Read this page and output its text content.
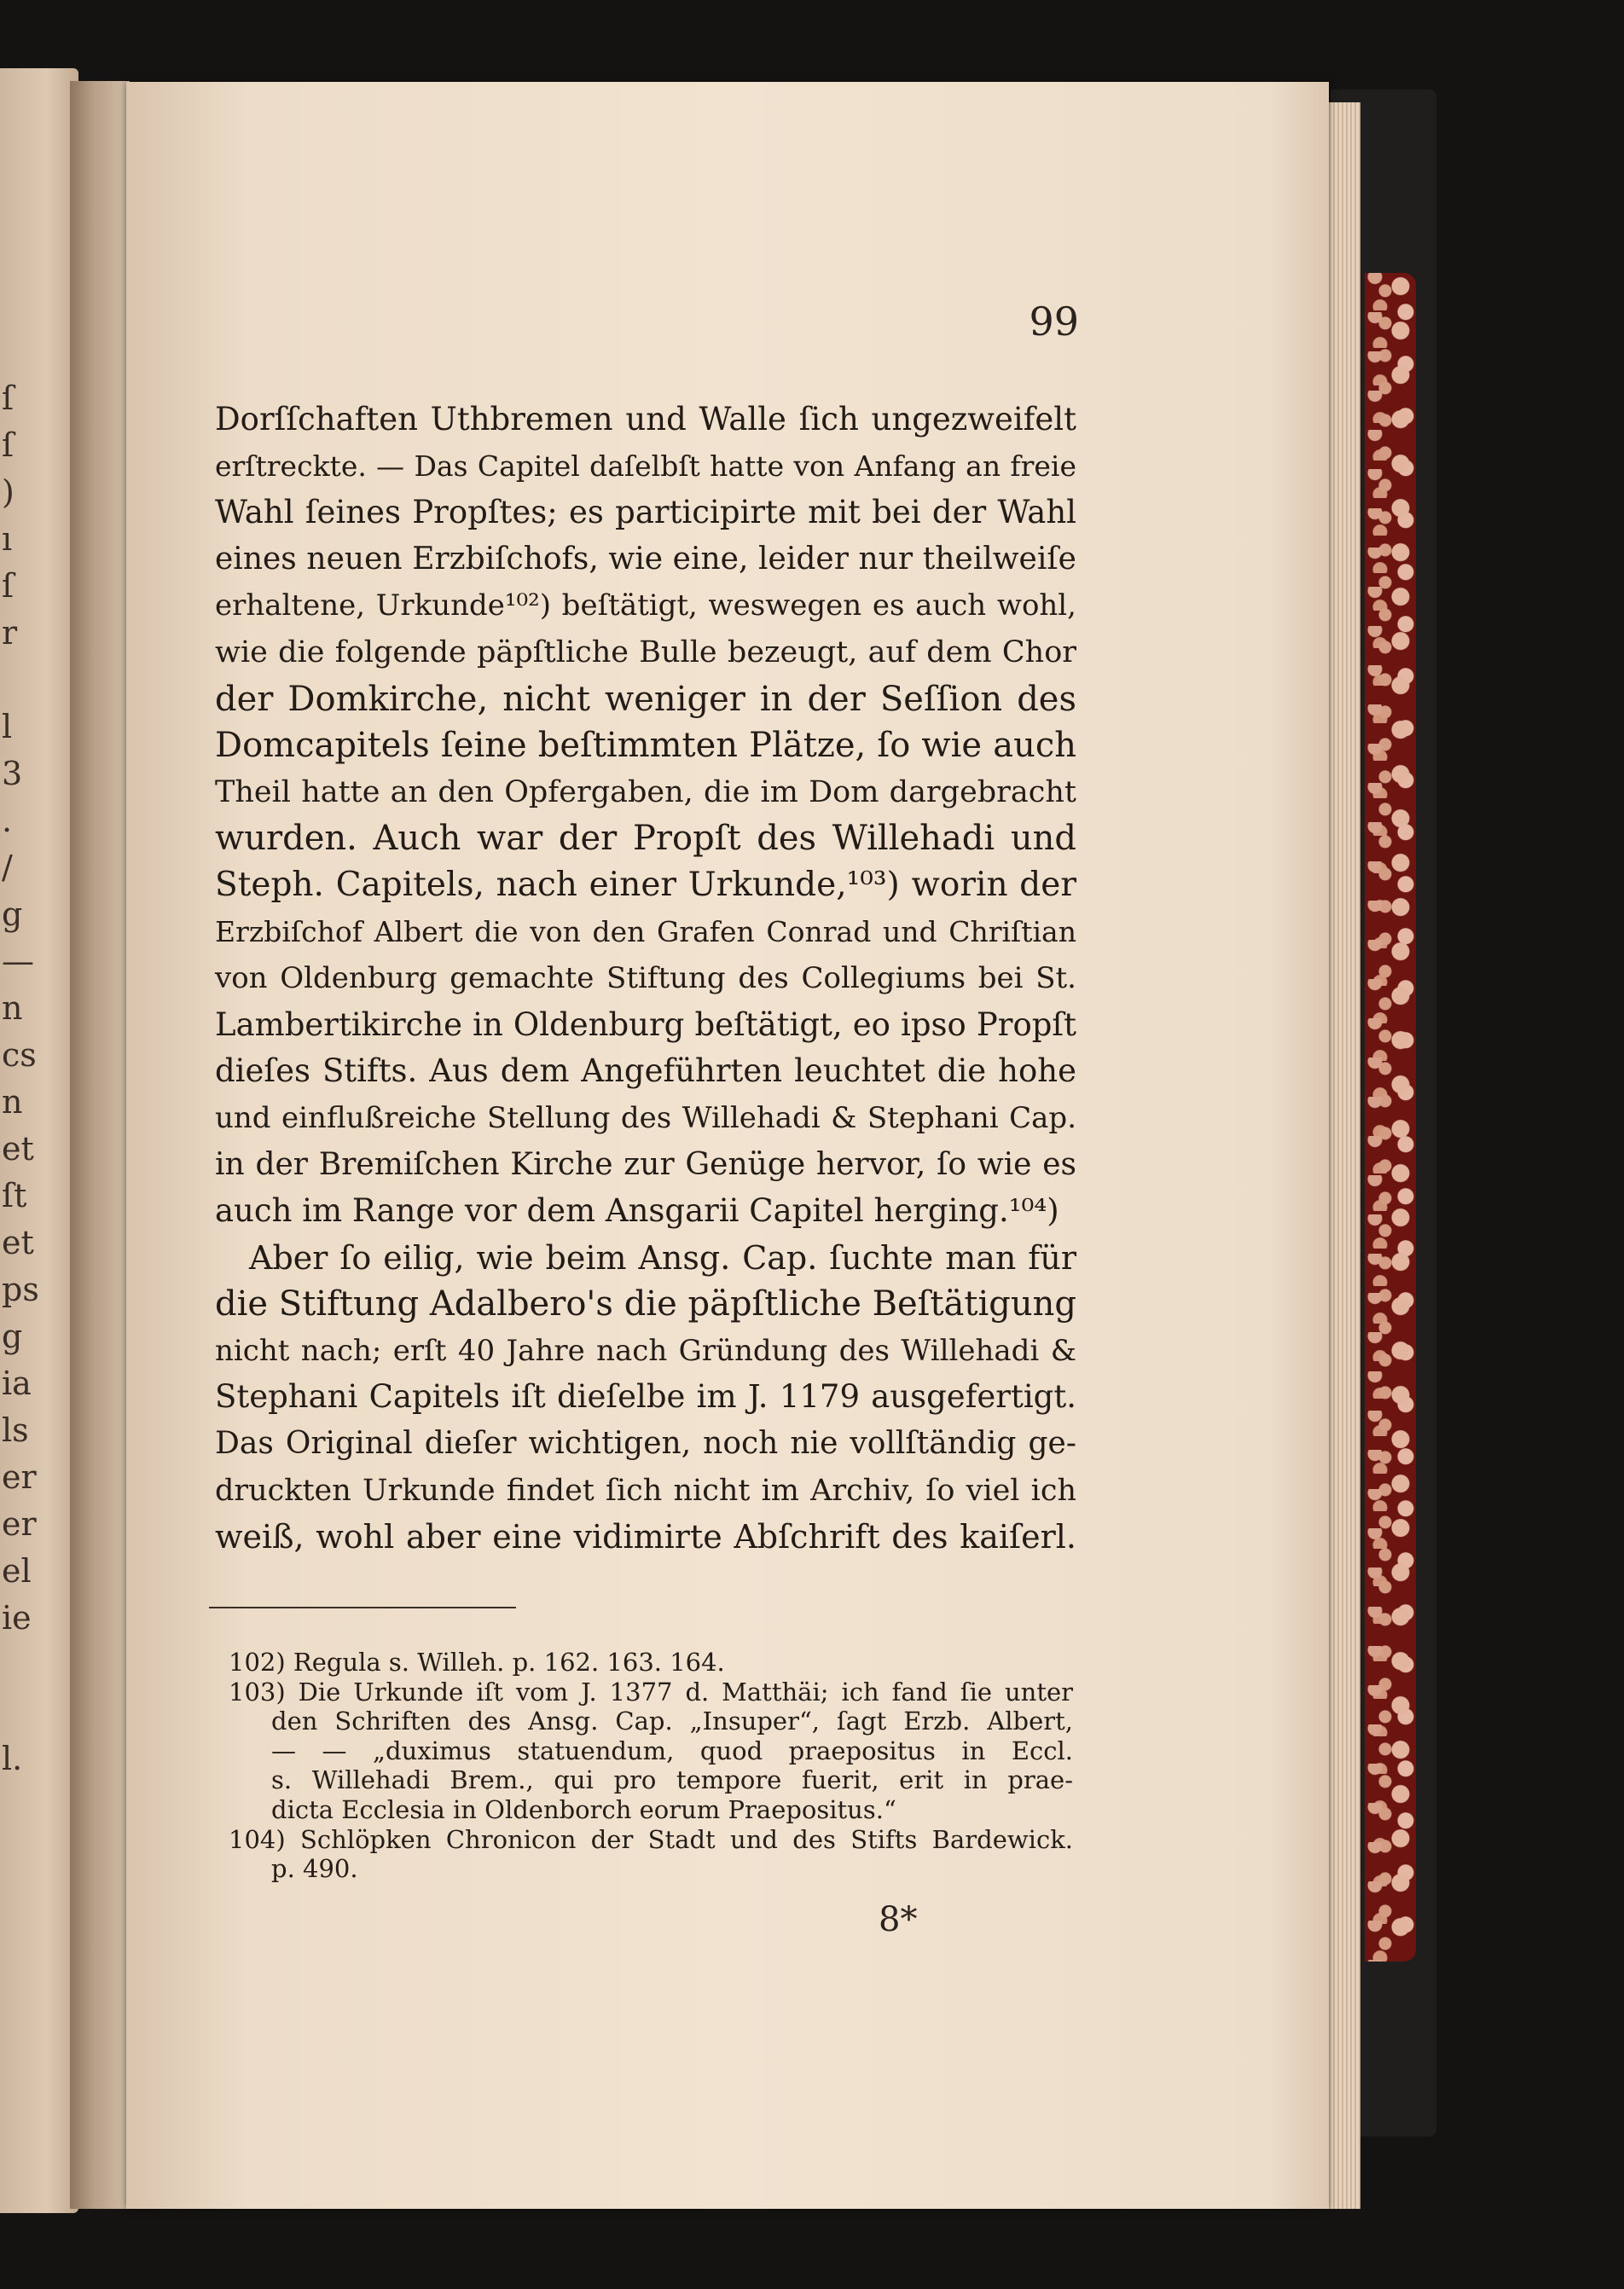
ſ
ſ
)
ı
ſ
r
l
3
.
/
g
—
n
cs
n
et
ſt
et
ps
g
ia
ls
er
er
el
ie
l.
99
Dorſſchaften Uthbremen und Walle ſich ungezweifelt
erſtreckte. — Das Capitel daſelbſt hatte von Anfang an freie
Wahl ſeines Propſtes; es participirte mit bei der Wahl
eines neuen Erzbiſchofs, wie eine, leider nur theilweiſe
erhaltene, Urkunde¹⁰²) beſtätigt, weswegen es auch wohl,
wie die folgende päpſtliche Bulle bezeugt, auf dem Chor
der Domkirche, nicht weniger in der Seſſion des
Domcapitels ſeine beſtimmten Plätze, ſo wie auch
Theil hatte an den Opfergaben, die im Dom dargebracht
wurden. Auch war der Propſt des Willehadi und
Steph. Capitels, nach einer Urkunde,¹⁰³) worin der
Erzbiſchof Albert die von den Grafen Conrad und Chriſtian
von Oldenburg gemachte Stiftung des Collegiums bei St.
Lambertikirche in Oldenburg beſtätigt, eo ipso Propſt
dieſes Stifts. Aus dem Angeführten leuchtet die hohe
und einflußreiche Stellung des Willehadi & Stephani Cap.
in der Bremiſchen Kirche zur Genüge hervor, ſo wie es
auch im Range vor dem Ansgarii Capitel herging.¹⁰⁴)
Aber ſo eilig, wie beim Ansg. Cap. ſuchte man für
die Stiftung Adalbero's die päpſtliche Beſtätigung
nicht nach; erſt 40 Jahre nach Gründung des Willehadi &
Stephani Capitels iſt dieſelbe im J. 1179 ausgefertigt.
Das Original dieſer wichtigen, noch nie vollſtändig ge-
druckten Urkunde findet ſich nicht im Archiv, ſo viel ich
weiß, wohl aber eine vidimirte Abſchrift des kaiſerl.
102) Regula s. Willeh. p. 162. 163. 164.
103) Die Urkunde iſt vom J. 1377 d. Matthäi; ich fand ſie unter
den Schriften des Ansg. Cap. „Insuper“, ſagt Erzb. Albert,
— — „duximus statuendum, quod praepositus in Eccl.
s. Willehadi Brem., qui pro tempore fuerit, erit in prae-
dicta Ecclesia in Oldenborch eorum Praepositus.“
104) Schlöpken Chronicon der Stadt und des Stifts Bardewick.
p. 490.
8*
